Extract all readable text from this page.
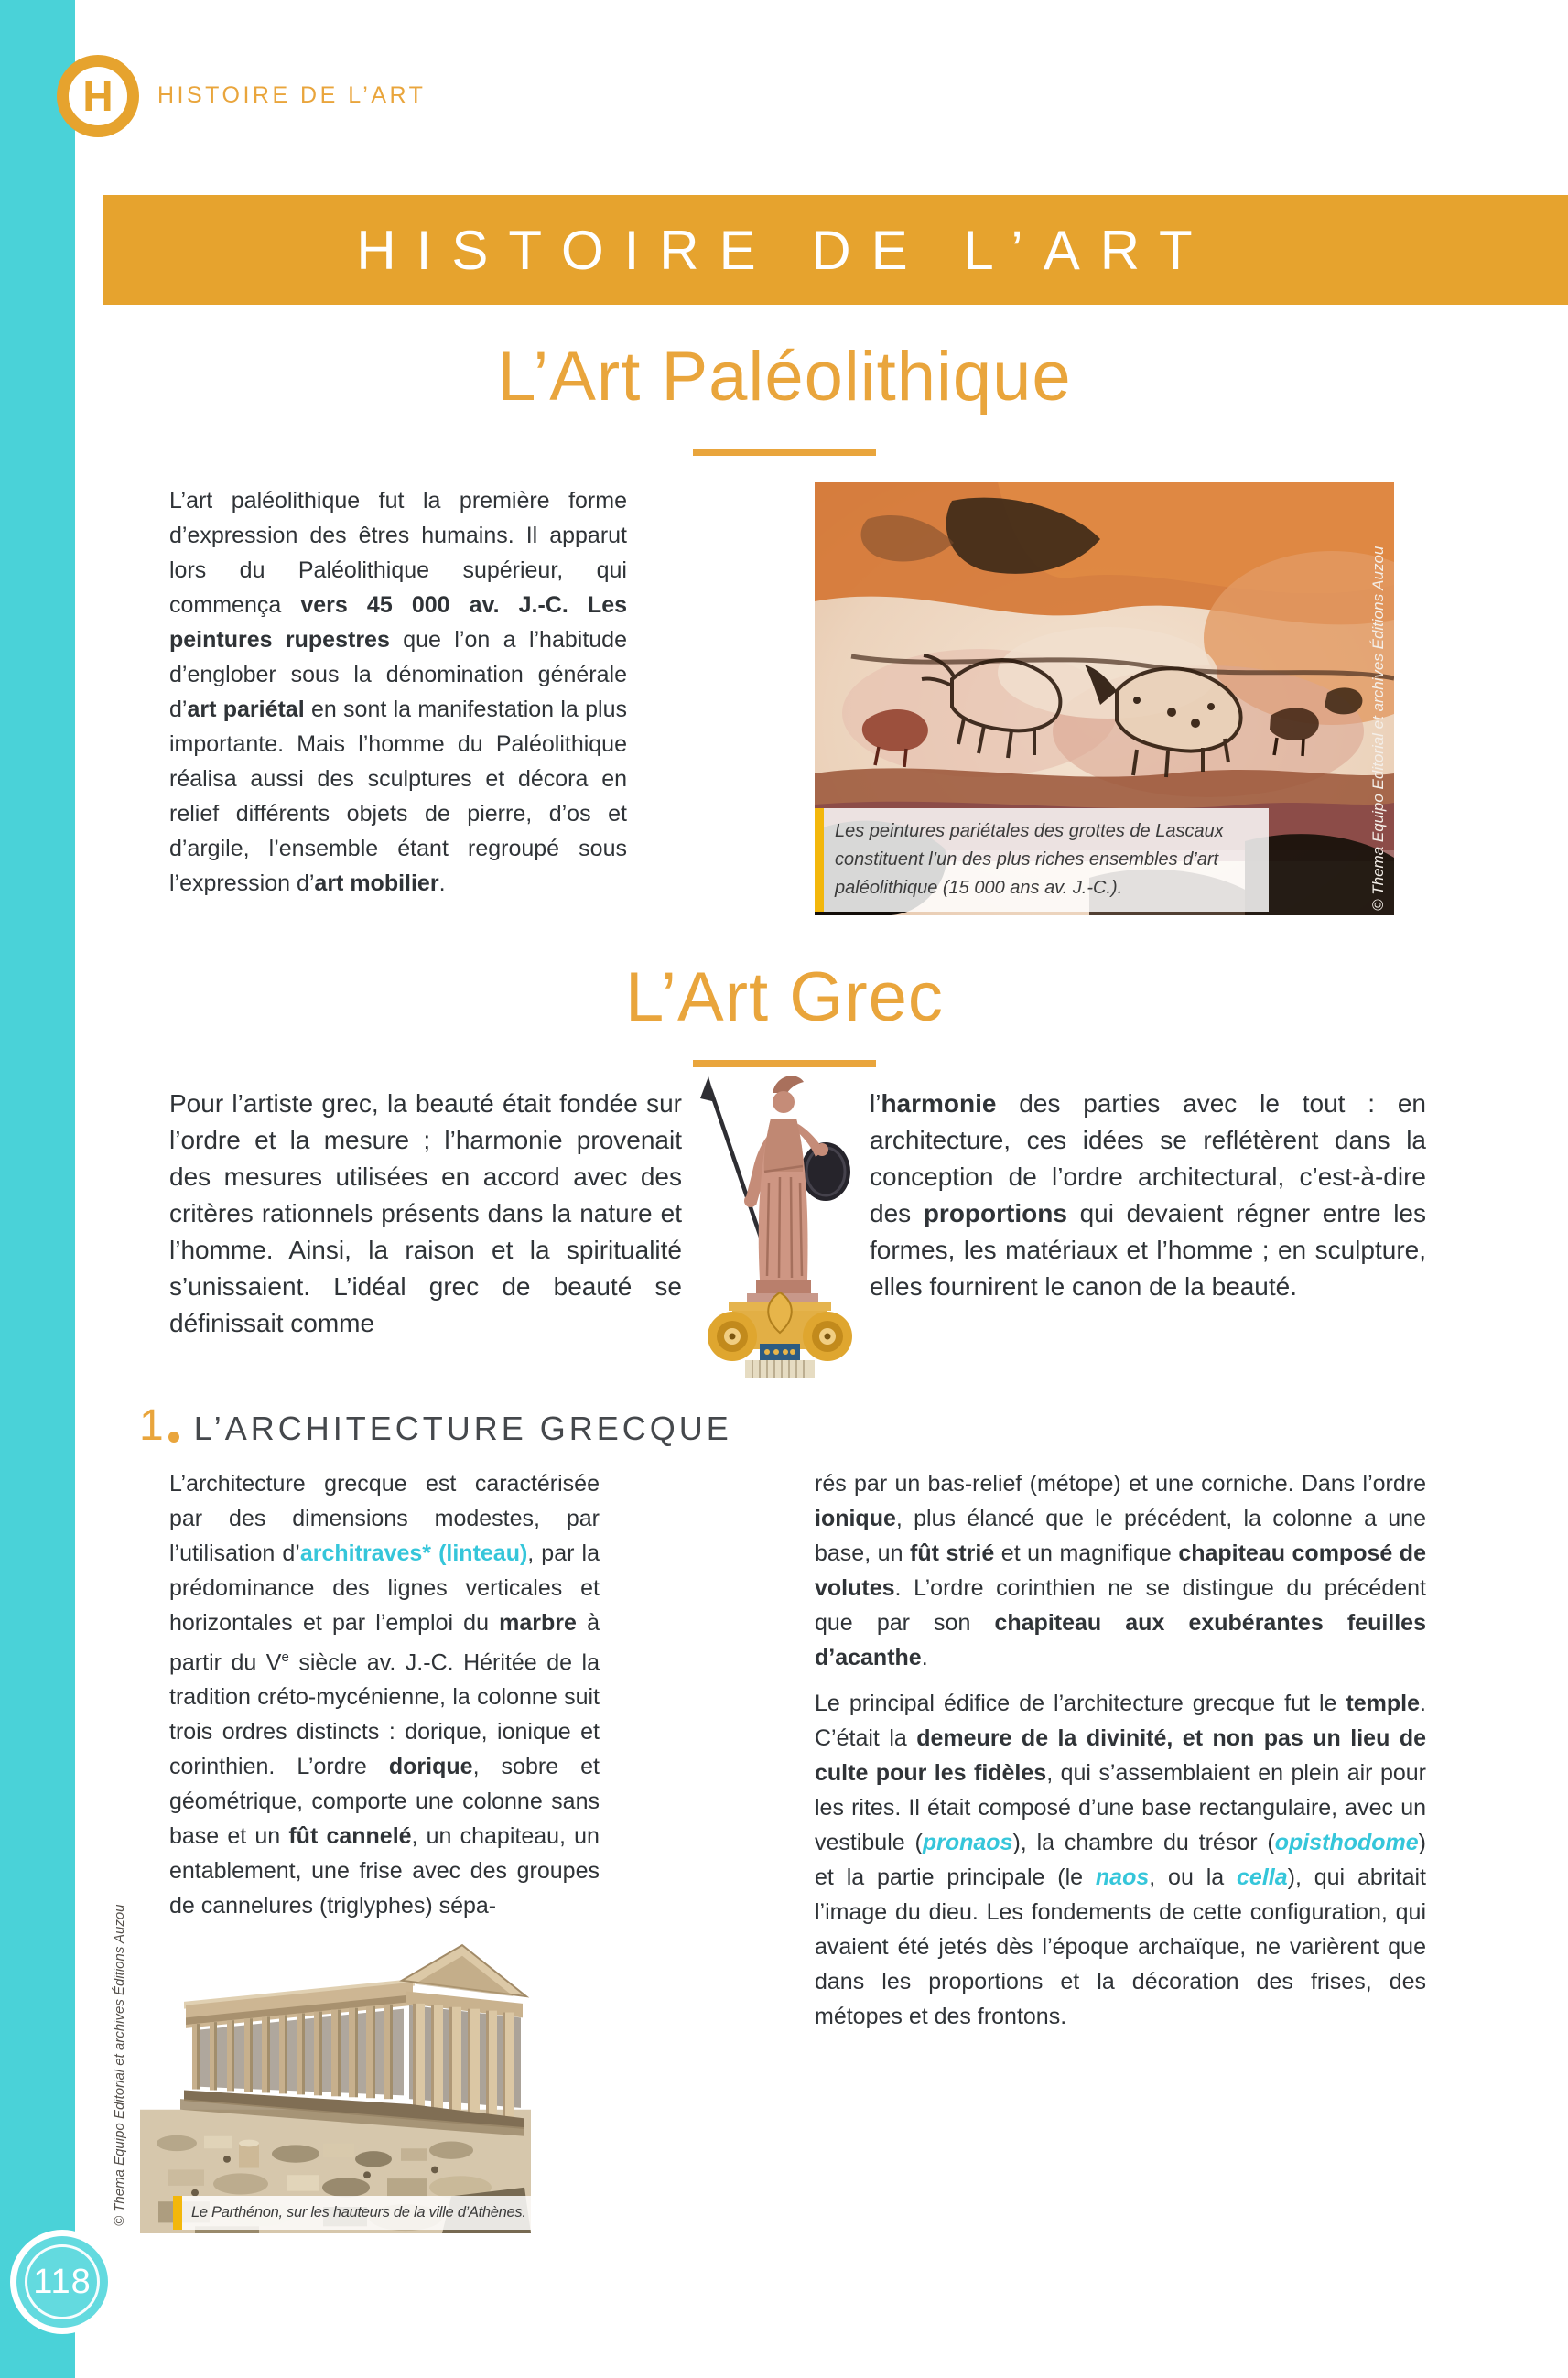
H HISTOIRE DE L’ART
HISTOIRE DE L’ART
L’Art Paléolithique
L’art paléolithique fut la première forme d’expression des êtres humains. Il apparut lors du Paléolithique supérieur, qui commença vers 45 000 av. J.-C. Les peintures rupestres que l’on a l’habitude d’englober sous la dénomination générale d’art pariétal en sont la manifestation la plus importante. Mais l’homme du Paléolithique réalisa aussi des sculptures et décora en relief différents objets de pierre, d’os et d’argile, l’ensemble étant regroupé sous l’expression d’art mobilier.
Les peintures pariétales des grottes de Lascaux constituent l’un des plus riches ensembles d’art paléolithique (15 000 ans av. J.-C.).	© Thema Equipo Editorial et archives Éditions Auzou
L’Art Grec
Pour l’artiste grec, la beauté était fondée sur l’ordre et la mesure ; l’harmonie provenait des mesures utilisées en accord avec des critères rationnels présents dans la nature et l’homme. Ainsi, la raison et la spiritualité s’unissaient. L’idéal grec de beauté se définissait comme
l’harmonie des parties avec le tout : en architecture, ces idées se reflétèrent dans la conception de l’ordre architectural, c’est-à-dire des proportions qui devaient régner entre les formes, les matériaux et l’homme ; en sculpture, elles fournirent le canon de la beauté.
1 L’ARCHITECTURE GRECQUE
L’architecture grecque est caractérisée par des dimensions modestes, par l’utilisation d’architraves* (linteau), par la prédominance des lignes verticales et horizontales et par l’emploi du marbre à partir du Ve siècle av. J.-C. Héritée de la tradition créto-mycénienne, la colonne suit trois ordres distincts : dorique, ionique et corinthien. L’ordre dorique, sobre et géométrique, comporte une colonne sans base et un fût cannelé, un chapiteau, un entablement, une frise avec des groupes de cannelures (triglyphes) sépa-

rés par un bas-relief (métope) et une corniche. Dans l’ordre ionique, plus élancé que le précédent, la colonne a une base, un fût strié et un magnifique chapiteau composé de volutes. L’ordre corinthien ne se distingue du précédent que par son chapiteau aux exubérantes feuilles d’acanthe.

Le principal édifice de l’architecture grecque fut le temple. C’était la demeure de la divinité, et non pas un lieu de culte pour les fidèles, qui s’assemblaient en plein air pour les rites. Il était composé d’une base rectangulaire, avec un vestibule (pronaos), la chambre du trésor (opisthodome) et la partie principale (le naos, ou la cella), qui abritait l’image du dieu. Les fondements de cette configuration, qui avaient été jetés dès l’époque archaïque, ne varièrent que dans les proportions et la décoration des frises, des métopes et des frontons.

Le Parthénon, sur les hauteurs de la ville d’Athènes.
© Thema Equipo Editorial et archives Éditions Auzou
118
